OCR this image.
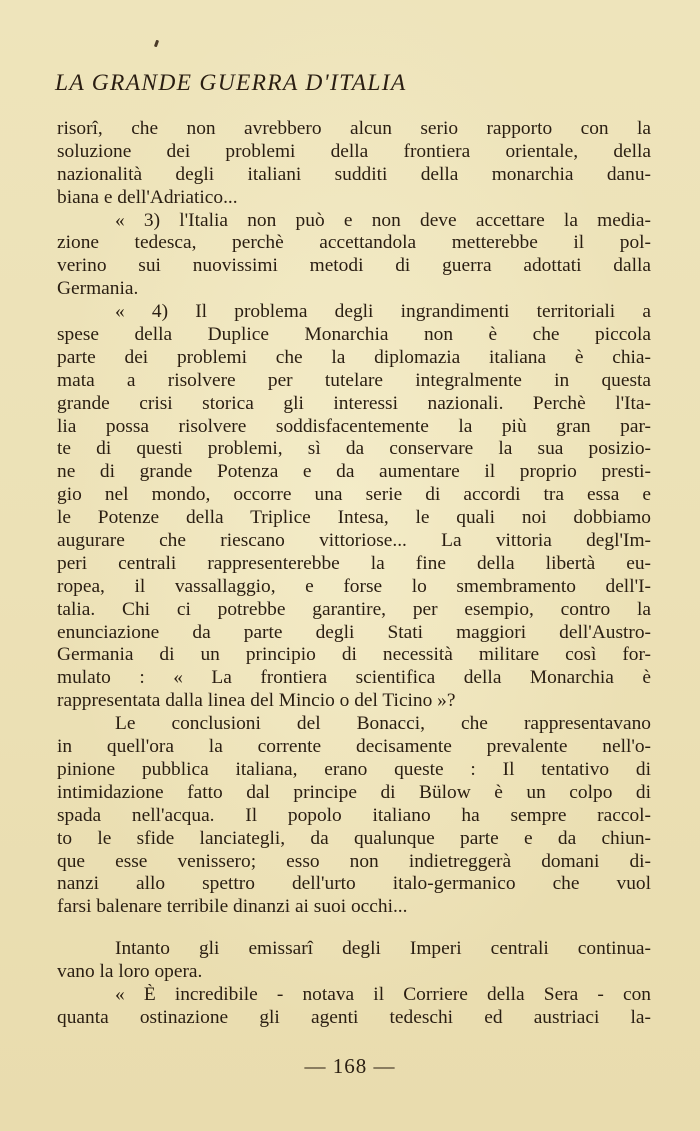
LA GRANDE GUERRA D'ITALIA
risorî, che non avrebbero alcun serio rapporto con la
soluzione dei problemi della frontiera orientale, della
nazionalità degli italiani sudditi della monarchia danu-
biana e dell'Adriatico...
« 3) l'Italia non può e non deve accettare la media-
zione tedesca, perchè accettandola metterebbe il pol-
verino sui nuovissimi metodi di guerra adottati dalla
Germania.
« 4) Il problema degli ingrandimenti territoriali a
spese della Duplice Monarchia non è che piccola
parte dei problemi che la diplomazia italiana è chia-
mata a risolvere per tutelare integralmente in questa
grande crisi storica gli interessi nazionali. Perchè l'Ita-
lia possa risolvere soddisfacentemente la più gran par-
te di questi problemi, sì da conservare la sua posizio-
ne di grande Potenza e da aumentare il proprio presti-
gio nel mondo, occorre una serie di accordi tra essa e
le Potenze della Triplice Intesa, le quali noi dobbiamo
augurare che riescano vittoriose... La vittoria degl'Im-
peri centrali rappresenterebbe la fine della libertà eu-
ropea, il vassallaggio, e forse lo smembramento dell'I-
talia. Chi ci potrebbe garantire, per esempio, contro la
enunciazione da parte degli Stati maggiori dell'Austro-
Germania di un principio di necessità militare così for-
mulato : « La frontiera scientifica della Monarchia è
rappresentata dalla linea del Mincio o del Ticino »?
Le conclusioni del Bonacci, che rappresentavano
in quell'ora la corrente decisamente prevalente nell'o-
pinione pubblica italiana, erano queste : Il tentativo di
intimidazione fatto dal principe di Bülow è un colpo di
spada nell'acqua. Il popolo italiano ha sempre raccol-
to le sfide lanciategli, da qualunque parte e da chiun-
que esse venissero; esso non indietreggerà domani di-
nanzi allo spettro dell'urto italo-germanico che vuol
farsi balenare terribile dinanzi ai suoi occhi...
Intanto gli emissarî degli Imperi centrali continua-
vano la loro opera.
« È incredibile - notava il Corriere della Sera - con
quanta ostinazione gli agenti tedeschi ed austriaci la-
— 168 —
